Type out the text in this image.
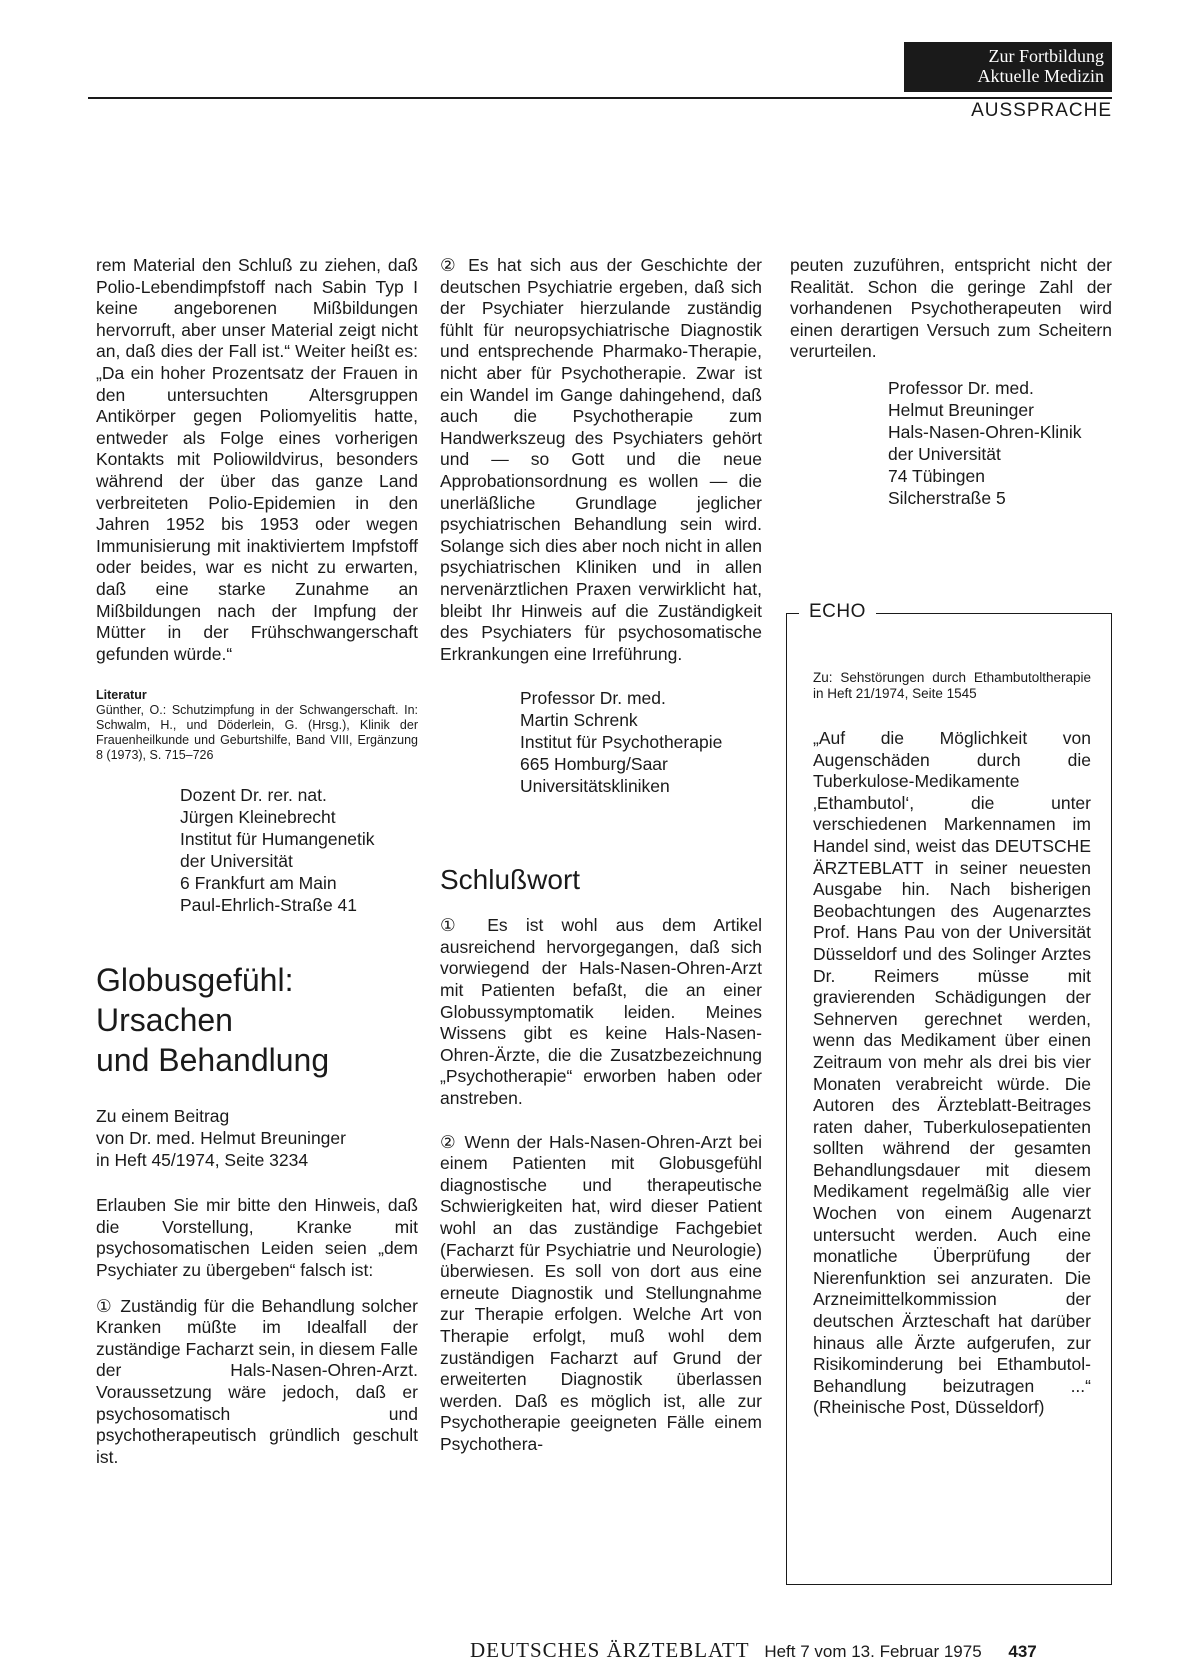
Zur Fortbildung
Aktuelle Medizin
AUSSPRACHE

rem Material den Schluß zu ziehen, daß Polio-Lebendimpfstoff nach Sabin Typ I keine angeborenen Mißbildungen hervorruft, aber unser Material zeigt nicht an, daß dies der Fall ist.“ Weiter heißt es: „Da ein hoher Prozentsatz der Frauen in den untersuchten Altersgruppen Antikörper gegen Poliomyelitis hatte, entweder als Folge eines vorherigen Kontakts mit Poliowildvirus, besonders während der über das ganze Land verbreiteten Polio-Epidemien in den Jahren 1952 bis 1953 oder wegen Immunisierung mit inaktiviertem Impfstoff oder beides, war es nicht zu erwarten, daß eine starke Zunahme an Mißbildungen nach der Impfung der Mütter in der Frühschwangerschaft gefunden würde.“

Literatur
Günther, O.: Schutzimpfung in der Schwangerschaft. In: Schwalm, H., und Döderlein, G. (Hrsg.), Klinik der Frauenheilkunde und Geburtshilfe, Band VIII, Ergänzung 8 (1973), S. 715–726
Dozent Dr. rer. nat.
Jürgen Kleinebrecht
Institut für Humangenetik
der Universität
6 Frankfurt am Main
Paul-Ehrlich-Straße 41
Globusgefühl:
Ursachen
und Behandlung
Zu einem Beitrag
von Dr. med. Helmut Breuninger
in Heft 45/1974, Seite 3234

Erlauben Sie mir bitte den Hinweis, daß die Vorstellung, Kranke mit psychosomatischen Leiden seien „dem Psychiater zu übergeben“ falsch ist:

① Zuständig für die Behandlung solcher Kranken müßte im Idealfall der zuständige Facharzt sein, in diesem Falle der Hals-Nasen-Ohren-Arzt. Voraussetzung wäre jedoch, daß er psychosomatisch und psychotherapeutisch gründlich geschult ist.

② Es hat sich aus der Geschichte der deutschen Psychiatrie ergeben, daß sich der Psychiater hierzulande zuständig fühlt für neuropsychiatrische Diagnostik und entsprechende Pharmako-Therapie, nicht aber für Psychotherapie. Zwar ist ein Wandel im Gange dahingehend, daß auch die Psychotherapie zum Handwerkszeug des Psychiaters gehört und — so Gott und die neue Approbationsordnung es wollen — die unerläßliche Grundlage jeglicher psychiatrischen Behandlung sein wird. Solange sich dies aber noch nicht in allen psychiatrischen Kliniken und in allen nervenärztlichen Praxen verwirklicht hat, bleibt Ihr Hinweis auf die Zuständigkeit des Psychiaters für psychosomatische Erkrankungen eine Irreführung.

Professor Dr. med.
Martin Schrenk
Institut für Psychotherapie
665 Homburg/Saar
Universitätskliniken
Schlußwort

① Es ist wohl aus dem Artikel ausreichend hervorgegangen, daß sich vorwiegend der Hals-Nasen-Ohren-Arzt mit Patienten befaßt, die an einer Globussymptomatik leiden. Meines Wissens gibt es keine Hals-Nasen-Ohren-Ärzte, die die Zusatzbezeichnung „Psychotherapie“ erworben haben oder anstreben.

② Wenn der Hals-Nasen-Ohren-Arzt bei einem Patienten mit Globusgefühl diagnostische und therapeutische Schwierigkeiten hat, wird dieser Patient wohl an das zuständige Fachgebiet (Facharzt für Psychiatrie und Neurologie) überwiesen. Es soll von dort aus eine erneute Diagnostik und Stellungnahme zur Therapie erfolgen. Welche Art von Therapie erfolgt, muß wohl dem zuständigen Facharzt auf Grund der erweiterten Diagnostik überlassen werden. Daß es möglich ist, alle zur Psychotherapie geeigneten Fälle einem Psychothera-

peuten zuzuführen, entspricht nicht der Realität. Schon die geringe Zahl der vorhandenen Psychotherapeuten wird einen derartigen Versuch zum Scheitern verurteilen.

Professor Dr. med.
Helmut Breuninger
Hals-Nasen-Ohren-Klinik
der Universität
74 Tübingen
Silcherstraße 5
ECHO
Zu: Sehstörungen durch Ethambutoltherapie in Heft 21/1974, Seite 1545
„Auf die Möglichkeit von Augenschäden durch die Tuberkulose-Medikamente ‚Ethambutol‘, die unter verschiedenen Markennamen im Handel sind, weist das DEUTSCHE ÄRZTEBLATT in seiner neuesten Ausgabe hin. Nach bisherigen Beobachtungen des Augenarztes Prof. Hans Pau von der Universität Düsseldorf und des Solinger Arztes Dr. Reimers müsse mit gravierenden Schädigungen der Sehnerven gerechnet werden, wenn das Medikament über einen Zeitraum von mehr als drei bis vier Monaten verabreicht würde. Die Autoren des Ärzteblatt-Beitrages raten daher, Tuberkulosepatienten sollten während der gesamten Behandlungsdauer mit diesem Medikament regelmäßig alle vier Wochen von einem Augenarzt untersucht werden. Auch eine monatliche Überprüfung der Nierenfunktion sei anzuraten. Die Arzneimittelkommission der deutschen Ärzteschaft hat darüber hinaus alle Ärzte aufgerufen, zur Risikominderung bei Ethambutol-Behandlung beizutragen ...“ (Rheinische Post, Düsseldorf)
DEUTSCHES ÄRZTEBLATT Heft 7 vom 13. Februar 1975 437
